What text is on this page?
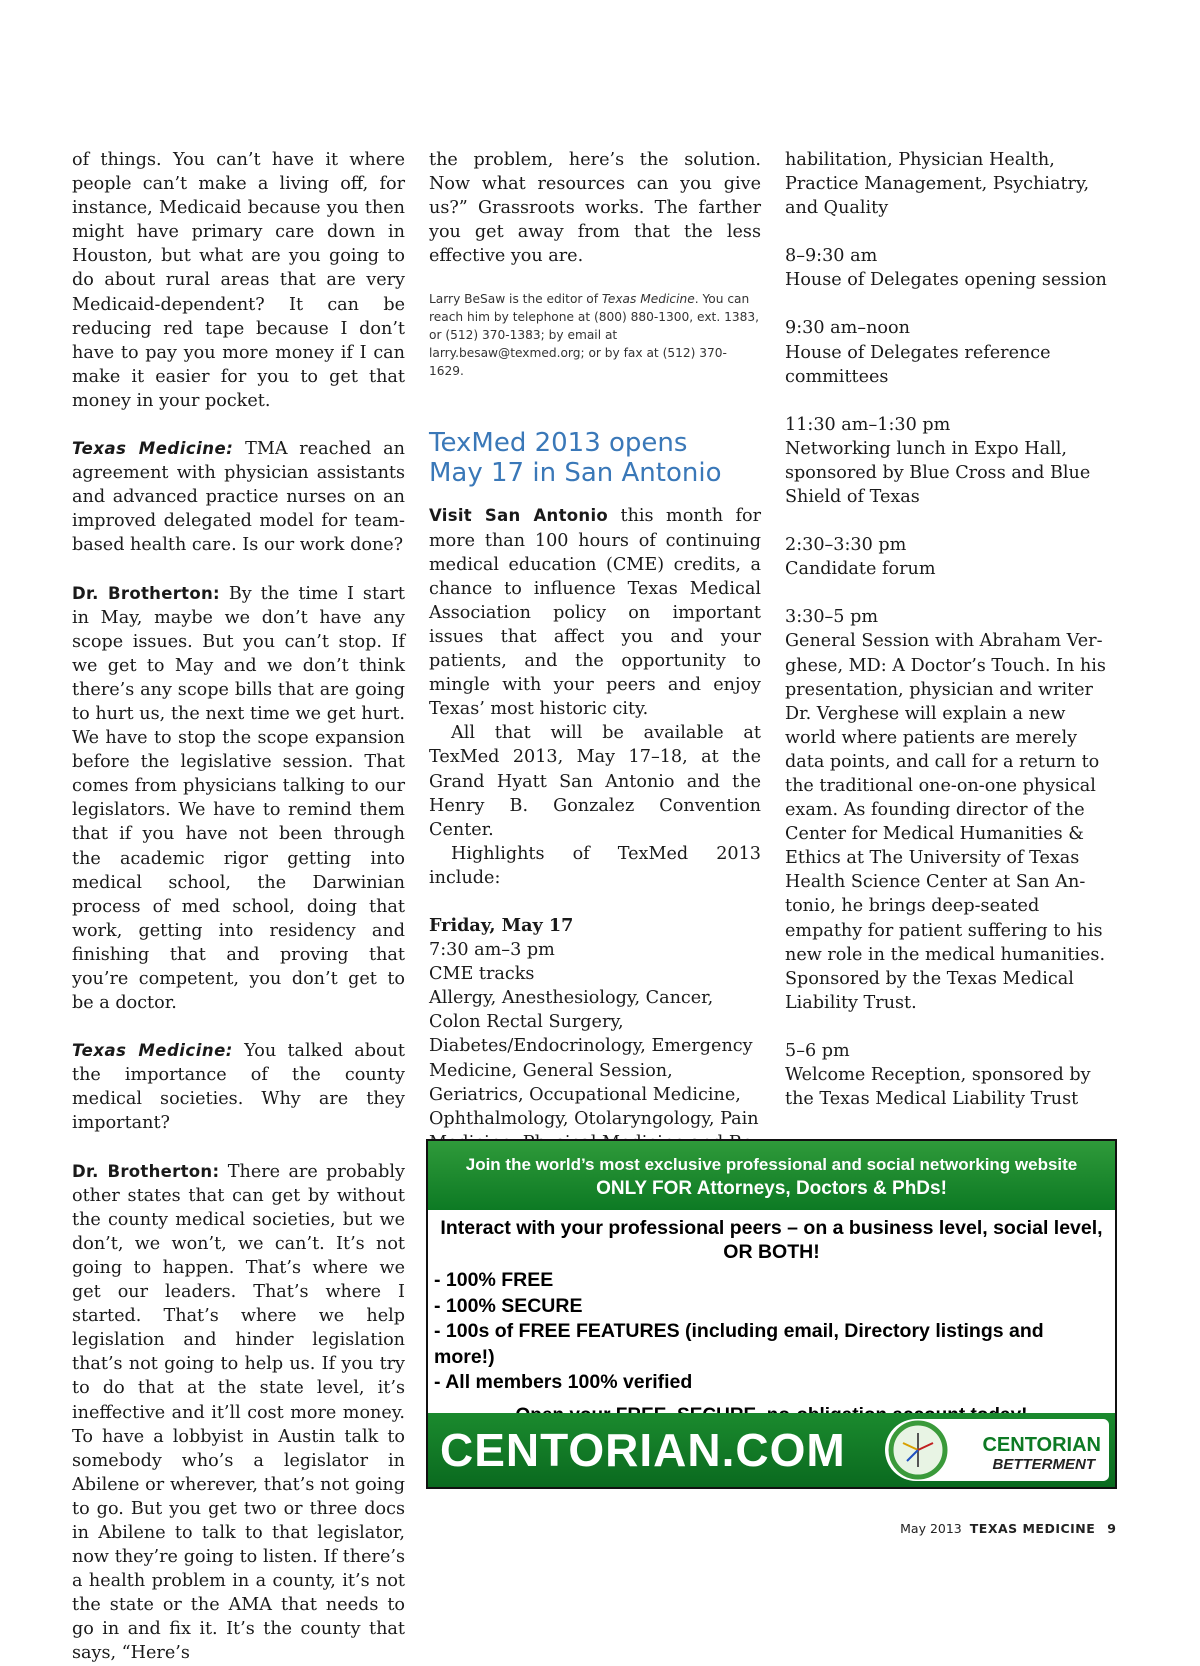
of things. You can’t have it where people can’t make a living off, for instance, Medicaid because you then might have primary care down in Houston, but what are you going to do about rural areas that are very Medicaid-dependent? It can be reducing red tape because I don’t have to pay you more money if I can make it easier for you to get that money in your pocket.

Texas Medicine: TMA reached an agreement with physician assistants and advanced practice nurses on an improved delegated model for team-based health care. Is our work done?

Dr. Brotherton: By the time I start in May, maybe we don’t have any scope issues. But you can’t stop. If we get to May and we don’t think there’s any scope bills that are going to hurt us, the next time we get hurt. We have to stop the scope expansion before the legislative session. That comes from physicians talking to our legislators. We have to remind them that if you have not been through the academic rigor getting into medical school, the Darwinian process of med school, doing that work, getting into residency and finishing that and proving that you’re competent, you don’t get to be a doctor.

Texas Medicine: You talked about the importance of the county medical societies. Why are they important?

Dr. Brotherton: There are probably other states that can get by without the county medical societies, but we don’t, we won’t, we can’t. It’s not going to happen. That’s where we get our leaders. That’s where I started. That’s where we help legislation and hinder legislation that’s not going to help us. If you try to do that at the state level, it’s ineffective and it’ll cost more money. To have a lobbyist in Austin talk to somebody who’s a legislator in Abilene or wherever, that’s not going to go. But you get two or three docs in Abilene to talk to that legislator, now they’re going to listen. If there’s a health problem in a county, it’s not the state or the AMA that needs to go in and fix it. It’s the county that says, “Here’s

the problem, here’s the solution. Now what resources can you give us?” Grassroots works. The farther you get away from that the less effective you are.

Larry BeSaw is the editor of Texas Medicine. You can reach him by telephone at (800) 880-1300, ext. 1383, or (512) 370-1383; by email at larry.besaw@texmed.org; or by fax at (512) 370-1629.

TexMed 2013 opens
May 17 in San Antonio

Visit San Antonio this month for more than 100 hours of continuing medical education (CME) credits, a chance to influence Texas Medical Association policy on important issues that affect you and your patients, and the opportunity to mingle with your peers and enjoy Texas’ most historic city.

All that will be available at TexMed 2013, May 17–18, at the Grand Hyatt San Antonio and the Henry B. Gonzalez Convention Center.

Highlights of TexMed 2013 include:

Friday, May 17

7:30 am–3 pm

CME tracks

Allergy, Anesthesiology, Cancer, Colon Rectal Surgery, Diabetes/Endocrinology, Emergency Medicine, General Session, Geriatrics, Occupational Medicine, Ophthalmology, Otolaryngology, Pain

habilitation, Physician Health, Practice Management, Psychiatry, and Quality

8–9:30 am

House of Delegates opening session

9:30 am–noon

House of Delegates reference committees

11:30 am–1:30 pm

Networking lunch in Expo Hall, sponsored by Blue Cross and Blue Shield of Texas

2:30–3:30 pm

Candidate forum

3:30–5 pm

General Session with Abraham Verghese, MD: A Doctor’s Touch. In his presentation, physician and writer Dr. Verghese will explain a new world where patients are merely data points, and call for a return to the traditional one-on-one physical exam. As founding director of the Center for Medical Humanities & Ethics at The University of Texas Health Science Center at San Antonio, he brings deep-seated empathy for patient suffering to his new role in the medical humanities. Sponsored by the Texas Medical Liability Trust.

5–6 pm

Welcome Reception, sponsored by the Texas Medical Liability Trust

Join the world’s most exclusive professional and social networking website
ONLY FOR Attorneys, Doctors & PhDs!
Interact with your professional peers – on a business level, social level, OR BOTH!
- 100% FREE
- 100% SECURE
- 100s of FREE FEATURES (including email, Directory listings and more!)
- All members 100% verified
CENTORIAN.COM	CENTORIAN
BETTERMENT
May 2013 TEXAS MEDICINE 9
